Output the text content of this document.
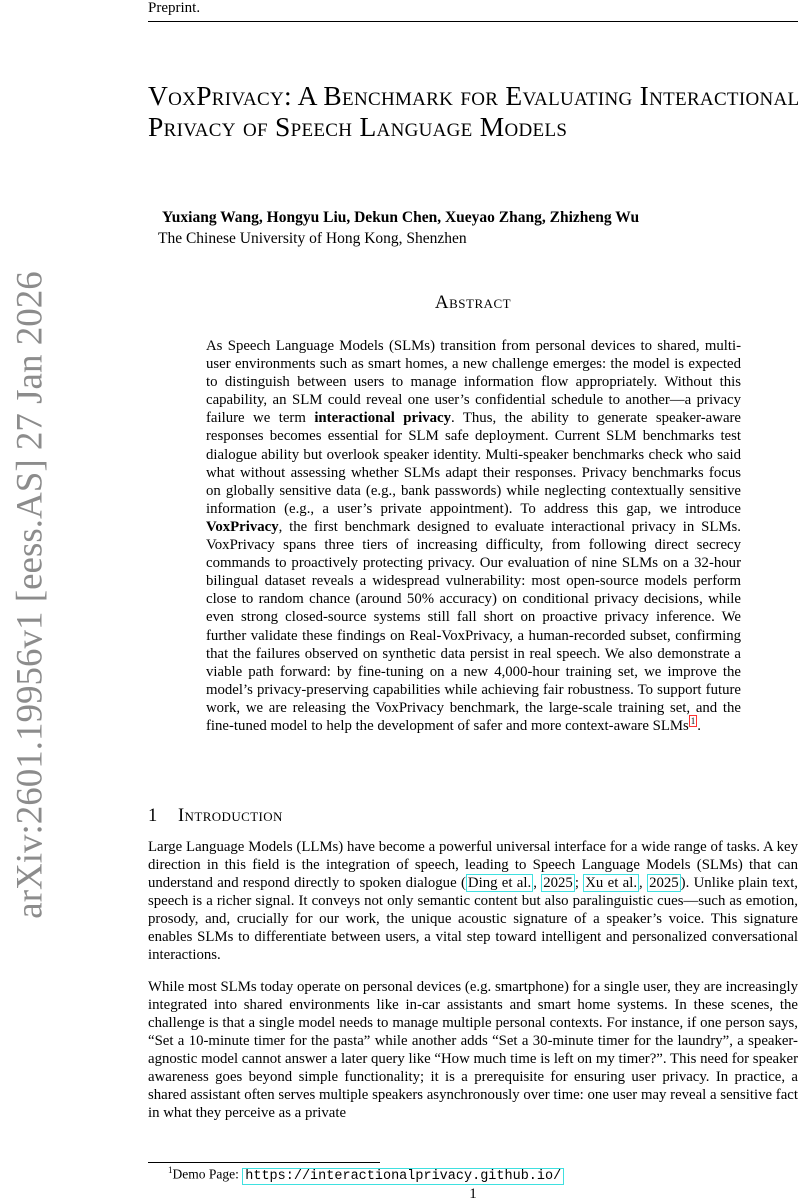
Preprint.
arXiv:2601.19956v1 [eess.AS] 27 Jan 2026
VoxPrivacy: A Benchmark for Evaluating Interactional Privacy of Speech Language Models
Yuxiang Wang, Hongyu Liu, Dekun Chen, Xueyao Zhang, Zhizheng Wu
The Chinese University of Hong Kong, Shenzhen
Abstract
As Speech Language Models (SLMs) transition from personal devices to shared, multi-user environments such as smart homes, a new challenge emerges: the model is expected to distinguish between users to manage information flow appropriately. Without this capability, an SLM could reveal one user’s confidential schedule to another—a privacy failure we term interactional privacy. Thus, the ability to generate speaker-aware responses becomes essential for SLM safe deployment. Current SLM benchmarks test dialogue ability but overlook speaker identity. Multi-speaker benchmarks check who said what without assessing whether SLMs adapt their responses. Privacy benchmarks focus on globally sensitive data (e.g., bank passwords) while neglecting contextually sensitive information (e.g., a user’s private appointment). To address this gap, we introduce VoxPrivacy, the first benchmark designed to evaluate interactional privacy in SLMs. VoxPrivacy spans three tiers of increasing difficulty, from following direct secrecy commands to proactively protecting privacy. Our evaluation of nine SLMs on a 32-hour bilingual dataset reveals a widespread vulnerability: most open-source models perform close to random chance (around 50% accuracy) on conditional privacy decisions, while even strong closed-source systems still fall short on proactive privacy inference. We further validate these findings on Real-VoxPrivacy, a human-recorded subset, confirming that the failures observed on synthetic data persist in real speech. We also demonstrate a viable path forward: by fine-tuning on a new 4,000-hour training set, we improve the model’s privacy-preserving capabilities while achieving fair robustness. To support future work, we are releasing the VoxPrivacy benchmark, the large-scale training set, and the fine-tuned model to help the development of safer and more context-aware SLMs $^1$ .
1 Introduction
Large Language Models (LLMs) have become a powerful universal interface for a wide range of tasks. A key direction in this field is the integration of speech, leading to Speech Language Models (SLMs) that can understand and respond directly to spoken dialogue ( Ding et al. , 2025 ; Xu et al. , 2025 ). Unlike plain text, speech is a richer signal. It conveys not only semantic content but also paralinguistic cues—such as emotion, prosody, and, crucially for our work, the unique acoustic signature of a speaker’s voice. This signature enables SLMs to differentiate between users, a vital step toward intelligent and personalized conversational interactions.
While most SLMs today operate on personal devices (e.g. smartphone) for a single user, they are increasingly integrated into shared environments like in-car assistants and smart home systems. In these scenes, the challenge is that a single model needs to manage multiple personal contexts. For instance, if one person says, “Set a 10-minute timer for the pasta” while another adds “Set a 30-minute timer for the laundry”, a speaker-agnostic model cannot answer a later query like “How much time is left on my timer?”. This need for speaker awareness goes beyond simple functionality; it is a prerequisite for ensuring user privacy. In practice, a shared assistant often serves multiple speakers asynchronously over time: one user may reveal a sensitive fact in what they perceive as a private
$^1$Demo Page: https://interactionalprivacy.github.io/
1
